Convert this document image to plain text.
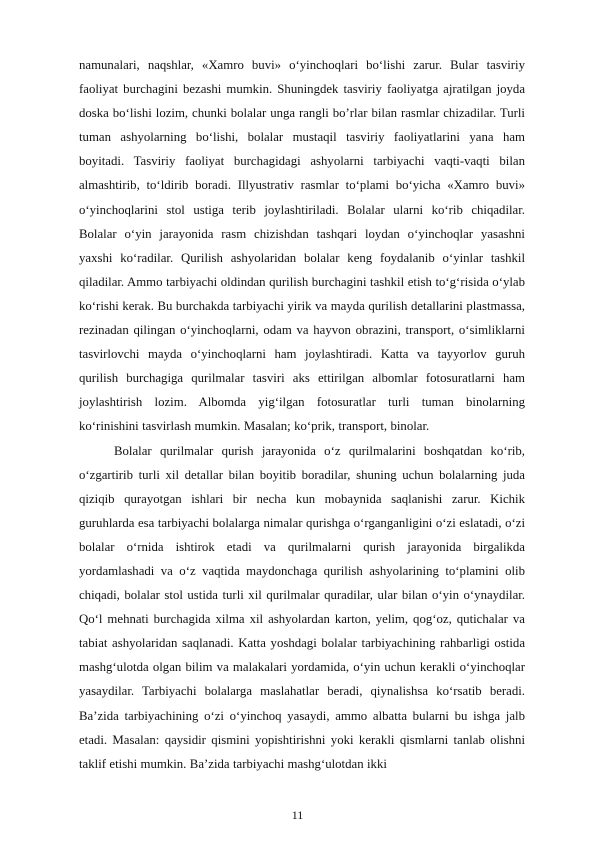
namunalari, naqshlar, «Xamro buvi» o‘yinchoqlari bo‘lishi zarur. Bular tasviriy faoliyat burchagini bezashi mumkin. Shuningdek tasviriy faoliyatga ajratilgan joyda doska bo‘lishi lozim, chunki bolalar unga rangli bo’rlar bilan rasmlar chizadilar. Turli tuman ashyolarning bo‘lishi, bolalar mustaqil tasviriy faoliyatlarini yana ham boyitadi. Tasviriy faoliyat burchagidagi ashyolarni tarbiyachi vaqti-vaqti bilan almashtirib, to‘ldirib boradi. Illyustrativ rasmlar to‘plami bo‘yicha «Xamro buvi» o‘yinchoqlarini stol ustiga terib joylashtiriladi. Bolalar ularni ko‘rib chiqadilar. Bolalar o‘yin jarayonida rasm chizishdan tashqari loydan o‘yinchoqlar yasashni yaxshi ko‘radilar. Qurilish ashyolaridan bolalar keng foydalanib o‘yinlar tashkil qiladilar. Ammo tarbiyachi oldindan qurilish burchagini tashkil etish to‘g‘risida o‘ylab ko‘rishi kerak. Bu burchakda tarbiyachi yirik va mayda qurilish detallarini plastmassa, rezinadan qilingan o‘yinchoqlarni, odam va hayvon obrazini, transport, o‘simliklarni tasvirlovchi mayda o‘yinchoqlarni ham joylashtiradi. Katta va tayyorlov guruh qurilish burchagiga qurilmalar tasviri aks ettirilgan albomlar fotosuratlarni ham joylashtirish lozim. Albomda yig‘ilgan fotosuratlar turli tuman binolarning ko‘rinishini tasvirlash mumkin. Masalan; ko‘prik, transport, binolar.

Bolalar qurilmalar qurish jarayonida o‘z qurilmalarini boshqatdan ko‘rib, o‘zgartirib turli xil detallar bilan boyitib boradilar, shuning uchun bolalarning juda qiziqib qurayotgan ishlari bir necha kun mobaynida saqlanishi zarur. Kichik guruhlarda esa tarbiyachi bolalarga nimalar qurishga o‘rganganligini o‘zi eslatadi, o‘zi bolalar o‘rnida ishtirok etadi va qurilmalarni qurish jarayonida birgalikda yordamlashadi va o‘z vaqtida maydonchaga qurilish ashyolarining to‘plamini olib chiqadi, bolalar stol ustida turli xil qurilmalar quradilar, ular bilan o‘yin o‘ynaydilar. Qo‘l mehnati burchagida xilma xil ashyolardan karton, yelim, qog‘oz, qutichalar va tabiat ashyolaridan saqlanadi. Katta yoshdagi bolalar tarbiyachining rahbarligi ostida mashg‘ulotda olgan bilim va malakalari yordamida, o‘yin uchun kerakli o‘yinchoqlar yasaydilar. Tarbiyachi bolalarga maslahatlar beradi, qiynalishsa ko‘rsatib beradi. Ba’zida tarbiyachining o‘zi o‘yinchoq yasaydi, ammo albatta bularni bu ishga jalb etadi. Masalan: qaysidir qismini yopishtirishni yoki kerakli qismlarni tanlab olishni taklif etishi mumkin. Ba’zida tarbiyachi mashg‘ulotdan ikki

11
